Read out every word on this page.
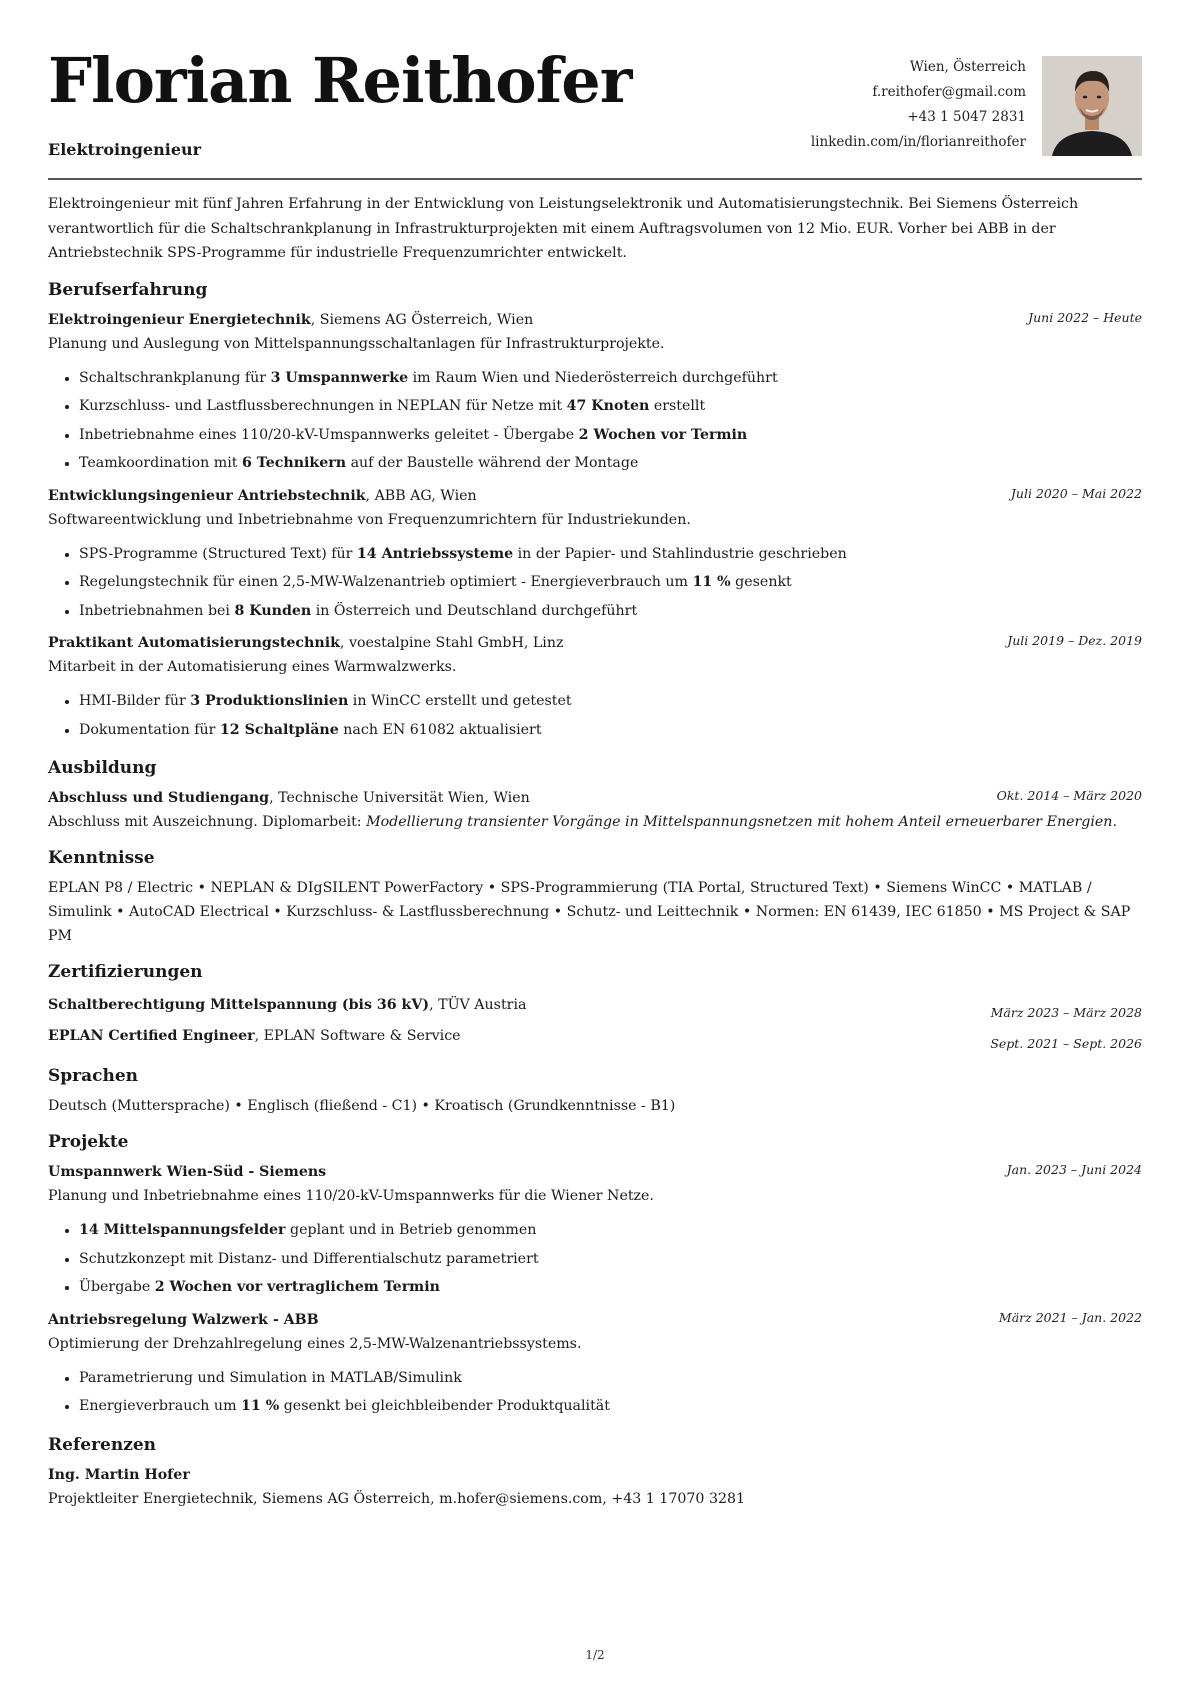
Florian Reithofer
Elektroingenieur
Wien, Österreich
f.reithofer@gmail.com
+43 1 5047 2831
linkedin.com/in/florianreithofer

Elektroingenieur mit fünf Jahren Erfahrung in der Entwicklung von Leistungselektronik und Automatisierungstechnik. Bei Siemens Österreich verantwortlich für die Schaltschrankplanung in Infrastrukturprojekten mit einem Auftragsvolumen von 12 Mio. EUR. Vorher bei ABB in der Antriebstechnik SPS-Programme für industrielle Frequenzumrichter entwickelt.

Berufserfahrung
Elektroingenieur Energietechnik, Siemens AG Österreich, Wien	Juni 2022 – Heute
Planung und Auslegung von Mittelspannungsschaltanlagen für Infrastrukturprojekte.
• Schaltschrankplanung für 3 Umspannwerke im Raum Wien und Niederösterreich durchgeführt
• Kurzschluss- und Lastflussberechnungen in NEPLAN für Netze mit 47 Knoten erstellt
• Inbetriebnahme eines 110/20-kV-Umspannwerks geleitet - Übergabe 2 Wochen vor Termin
• Teamkoordination mit 6 Technikern auf der Baustelle während der Montage
Entwicklungsingenieur Antriebstechnik, ABB AG, Wien	Juli 2020 – Mai 2022
Softwareentwicklung und Inbetriebnahme von Frequenzumrichtern für Industriekunden.
• SPS-Programme (Structured Text) für 14 Antriebssysteme in der Papier- und Stahlindustrie geschrieben
• Regelungstechnik für einen 2,5-MW-Walzenantrieb optimiert - Energieverbrauch um 11 % gesenkt
• Inbetriebnahmen bei 8 Kunden in Österreich und Deutschland durchgeführt
Praktikant Automatisierungstechnik, voestalpine Stahl GmbH, Linz	Juli 2019 – Dez. 2019
Mitarbeit in der Automatisierung eines Warmwalzwerks.
• HMI-Bilder für 3 Produktionslinien in WinCC erstellt und getestet
• Dokumentation für 12 Schaltpläne nach EN 61082 aktualisiert
Ausbildung
Abschluss und Studiengang, Technische Universität Wien, Wien	Okt. 2014 – März 2020
Abschluss mit Auszeichnung. Diplomarbeit: Modellierung transienter Vorgänge in Mittelspannungsnetzen mit hohem Anteil erneuerbarer Energien.
Kenntnisse
EPLAN P8 / Electric • NEPLAN & DIgSILENT PowerFactory • SPS-Programmierung (TIA Portal, Structured Text) • Siemens WinCC • MATLAB / Simulink • AutoCAD Electrical • Kurzschluss- & Lastflussberechnung • Schutz- und Leittechnik • Normen: EN 61439, IEC 61850 • MS Project & SAP PM
Zertifizierungen
Schaltberechtigung Mittelspannung (bis 36 kV), TÜV Austria	März 2023 – März 2028
EPLAN Certified Engineer, EPLAN Software & Service	Sept. 2021 – Sept. 2026
Sprachen
Deutsch (Muttersprache) • Englisch (fließend - C1) • Kroatisch (Grundkenntnisse - B1)
Projekte
Umspannwerk Wien-Süd - Siemens	Jan. 2023 – Juni 2024
Planung und Inbetriebnahme eines 110/20-kV-Umspannwerks für die Wiener Netze.
• 14 Mittelspannungsfelder geplant und in Betrieb genommen
• Schutzkonzept mit Distanz- und Differentialschutz parametriert
• Übergabe 2 Wochen vor vertraglichem Termin
Antriebsregelung Walzwerk - ABB	März 2021 – Jan. 2022
Optimierung der Drehzahlregelung eines 2,5-MW-Walzenantriebssystems.
• Parametrierung und Simulation in MATLAB/Simulink
• Energieverbrauch um 11 % gesenkt bei gleichbleibender Produktqualität
Referenzen
Ing. Martin Hofer
Projektleiter Energietechnik, Siemens AG Österreich, m.hofer@siemens.com, +43 1 17070 3281
1/2
